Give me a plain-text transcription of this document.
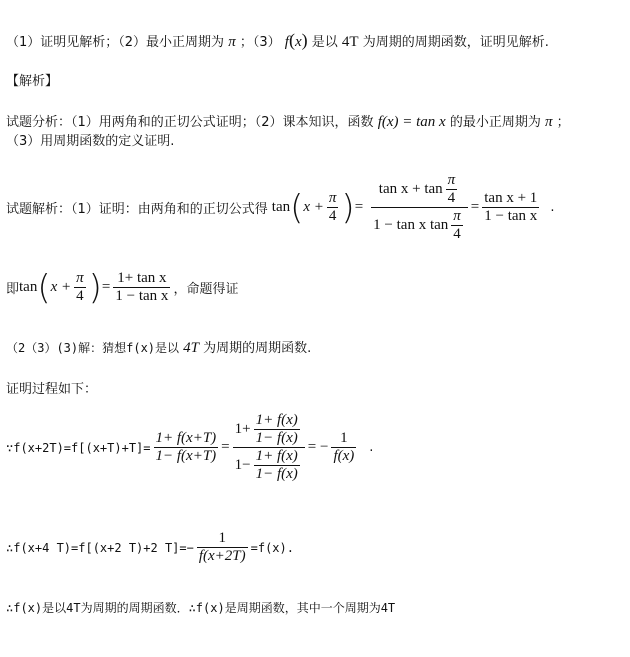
（1）证明见解析；（2）最小正周期为 π ；（3） f(x) 是以 4T 为周期的周期函数，证明见解析.
【解析】
试题分析：（1）用两角和的正切公式证明；（2）课本知识，函数 f(x) = tan x 的最小正周期为 π ；
（3）用周期函数的定义证明.
试题解析：（1）证明：由两角和的正切公式得 tan ( $x + \frac{\pi}{4}$ ) = $\frac{\tan x + \tan \frac{\pi}{4}}{1 - \tan x \tan \frac{\pi}{4}} = \frac{\text{tan x + 1}}{\text{1 − tan x}}$ .
即 tan ( $x + \frac{\pi}{4}$ ) = $\frac{\text{1+ tan x}}{\text{1 − tan x}}$ ，命题得证
（2（3）(3)解：猜想f(x)是以 4T 为周期的周期函数.
证明过程如下：
∵f(x+2T)=f[(x+T)+T]= $\frac{1+ f(x+T)}{1- f(x+T)} = \frac{1+ \frac{1+ f(x)}{1- f(x)}}{1- \frac{1+ f(x)}{1- f(x)}}$ = − $\frac{1}{f(x)}$ .
∴f(x+4 T)=f[(x+2 T)+2 $T]=- \frac{1}{f(x+2T)} =f(x)$.
∴f(x)是以4T为周期的周期函数．∴f(x)是周期函数，其中一个周期为4T
